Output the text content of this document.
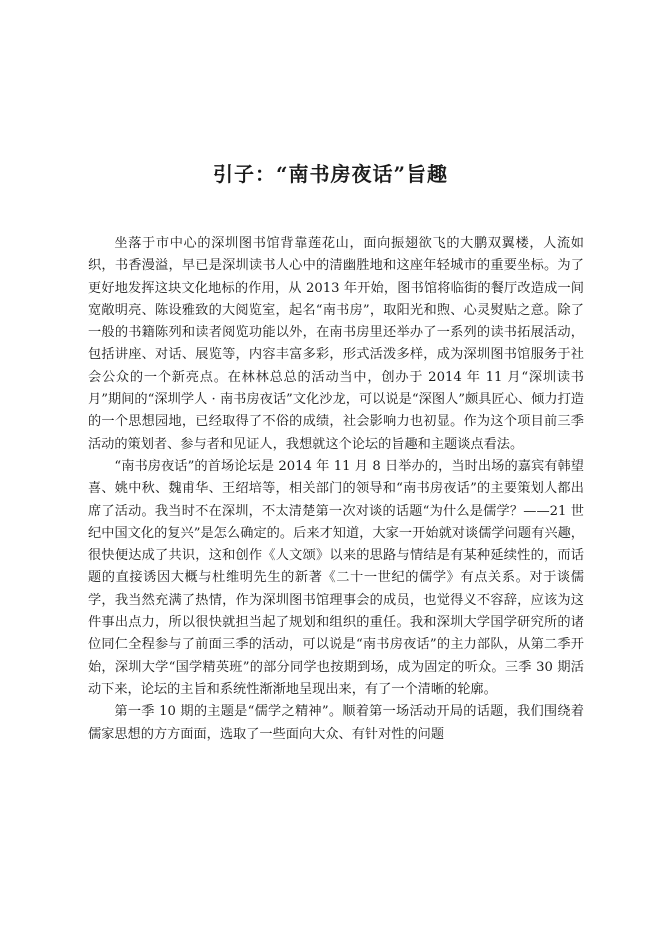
引子：“南书房夜话”旨趣

坐落于市中心的深圳图书馆背靠莲花山，面向振翅欲飞的大鹏双翼楼，人流如织，书香漫溢，早已是深圳读书人心中的清幽胜地和这座年轻城市的重要坐标。为了更好地发挥这块文化地标的作用，从 2013 年开始，图书馆将临街的餐厅改造成一间宽敞明亮、陈设雅致的大阅览室，起名“南书房”，取阳光和煦、心灵熨贴之意。除了一般的书籍陈列和读者阅览功能以外，在南书房里还举办了一系列的读书拓展活动，包括讲座、对话、展览等，内容丰富多彩，形式活泼多样，成为深圳图书馆服务于社会公众的一个新亮点。在林林总总的活动当中，创办于 2014 年 11 月“深圳读书月”期间的“深圳学人 · 南书房夜话”文化沙龙，可以说是“深图人”颇具匠心、倾力打造的一个思想园地，已经取得了不俗的成绩，社会影响力也初显。作为这个项目前三季活动的策划者、参与者和见证人，我想就这个论坛的旨趣和主题谈点看法。

“南书房夜话”的首场论坛是 2014 年 11 月 8 日举办的，当时出场的嘉宾有韩望喜、姚中秋、魏甫华、王绍培等，相关部门的领导和“南书房夜话”的主要策划人都出席了活动。我当时不在深圳，不太清楚第一次对谈的话题“为什么是儒学？——21 世纪中国文化的复兴”是怎么确定的。后来才知道，大家一开始就对谈儒学问题有兴趣，很快便达成了共识，这和创作《人文颂》以来的思路与情结是有某种延续性的，而话题的直接诱因大概与杜维明先生的新著《二十一世纪的儒学》有点关系。对于谈儒学，我当然充满了热情，作为深圳图书馆理事会的成员，也觉得义不容辞，应该为这件事出点力，所以很快就担当起了规划和组织的重任。我和深圳大学国学研究所的诸位同仁全程参与了前面三季的活动，可以说是“南书房夜话”的主力部队，从第二季开始，深圳大学“国学精英班”的部分同学也按期到场，成为固定的听众。三季 30 期活动下来，论坛的主旨和系统性渐渐地呈现出来，有了一个清晰的轮廓。

第一季 10 期的主题是“儒学之精神”。顺着第一场活动开局的话题，我们围绕着儒家思想的方方面面，选取了一些面向大众、有针对性的问题
